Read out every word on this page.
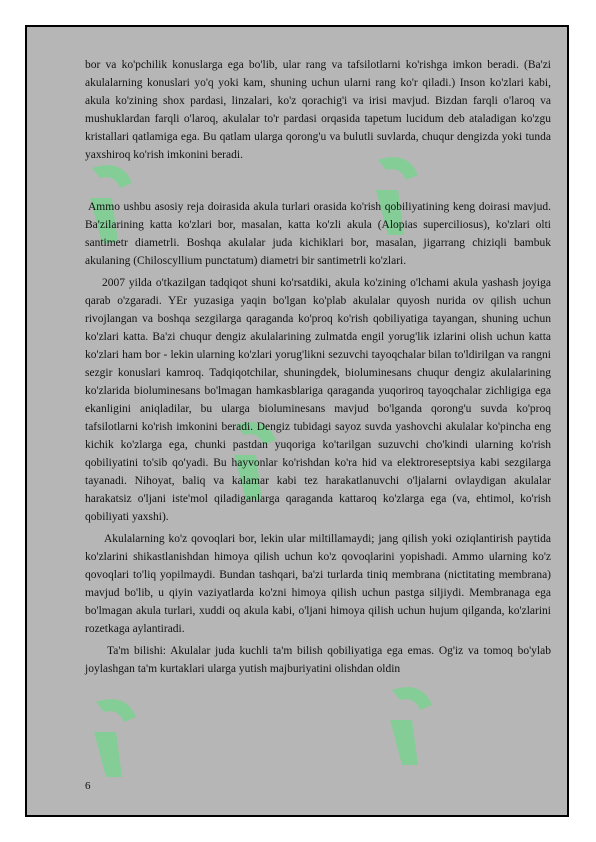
bor va ko'pchilik konuslarga ega bo'lib, ular rang va tafsilotlarni ko'rishga imkon beradi. (Ba'zi akulalarning konuslari yo'q yoki kam, shuning uchun ularni rang ko'r qiladi.) Inson ko'zlari kabi, akula ko'zining shox pardasi, linzalari, ko'z qorachig'i va irisi mavjud. Bizdan farqli o'laroq va mushuklardan farqli o'laroq, akulalar to'r pardasi orqasida tapetum lucidum deb ataladigan ko'zgu kristallari qatlamiga ega. Bu qatlam ularga qorong'u va bulutli suvlarda, chuqur dengizda yoki tunda yaxshiroq ko'rish imkonini beradi.

Ammo ushbu asosiy reja doirasida akula turlari orasida ko'rish qobiliyatining keng doirasi mavjud. Ba'zilarining katta ko'zlari bor, masalan, katta ko'zli akula (Alopias superciliosus), ko'zlari olti santimetr diametrli. Boshqa akulalar juda kichiklari bor, masalan, jigarrang chiziqli bambuk akulaning (Chiloscyllium punctatum) diametri bir santimetrli ko'zlari.

2007 yilda o'tkazilgan tadqiqot shuni ko'rsatdiki, akula ko'zining o'lchami akula yashash joyiga qarab o'zgaradi. YEr yuzasiga yaqin bo'lgan ko'plab akulalar quyosh nurida ov qilish uchun rivojlangan va boshqa sezgilarga qaraganda ko'proq ko'rish qobiliyatiga tayangan, shuning uchun ko'zlari katta. Ba'zi chuqur dengiz akulalarining zulmatda engil yorug'lik izlarini olish uchun katta ko'zlari ham bor - lekin ularning ko'zlari yorug'likni sezuvchi tayoqchalar bilan to'ldirilgan va rangni sezgir konuslari kamroq. Tadqiqotchilar, shuningdek, bioluminesans chuqur dengiz akulalarining ko'zlarida bioluminesans bo'lmagan hamkasblariga qaraganda yuqoriroq tayoqchalar zichligiga ega ekanligini aniqladilar, bu ularga bioluminesans mavjud bo'lganda qorong'u suvda ko'proq tafsilotlarni ko'rish imkonini beradi. Dengiz tubidagi sayoz suvda yashovchi akulalar ko'pincha eng kichik ko'zlarga ega, chunki pastdan yuqoriga ko'tarilgan suzuvchi cho'kindi ularning ko'rish qobiliyatini to'sib qo'yadi. Bu hayvonlar ko'rishdan ko'ra hid va elektroreseptsiya kabi sezgilarga tayanadi. Nihoyat, baliq va kalamar kabi tez harakatlanuvchi o'ljalarni ovlaydigan akulalar harakatsiz o'ljani iste'mol qiladiganlarga qaraganda kattaroq ko'zlarga ega (va, ehtimol, ko'rish qobiliyati yaxshi).

Akulalarning ko'z qovoqlari bor, lekin ular miltillamaydi; jang qilish yoki oziqlantirish paytida ko'zlarini shikastlanishdan himoya qilish uchun ko'z qovoqlarini yopishadi. Ammo ularning ko'z qovoqlari to'liq yopilmaydi. Bundan tashqari, ba'zi turlarda tiniq membrana (nictitating membrana) mavjud bo'lib, u qiyin vaziyatlarda ko'zni himoya qilish uchun pastga siljiydi. Membranaga ega bo'lmagan akula turlari, xuddi oq akula kabi, o'ljani himoya qilish uchun hujum qilganda, ko'zlarini rozetkaga aylantiradi.

Ta'm bilishi: Akulalar juda kuchli ta'm bilish qobiliyatiga ega emas. Og'iz va tomoq bo'ylab joylashgan ta'm kurtaklari ularga yutish majburiyatini olishdan oldin

6
